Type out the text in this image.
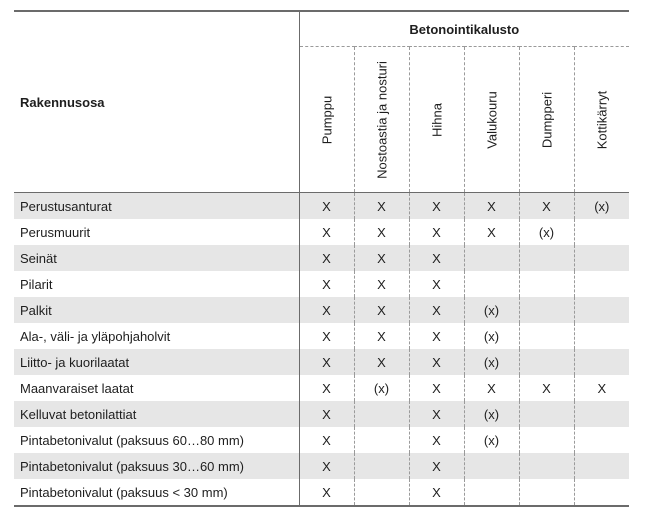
Rakennusosa	Betonointikalusto					

	Pumppu	Nostoastia ja nosturi	Hihna	Valukouru	Dumpperi	Kottikärryt

Perustusanturat	X	X	X	X	X	(x)
Perusmuurit	X	X	X	X	(x)	
Seinät	X	X	X			
Pilarit	X	X	X			
Palkit	X	X	X	(x)		
Ala-, väli- ja yläpohjaholvit	X	X	X	(x)		
Liitto- ja kuorilaatat	X	X	X	(x)		
Maanvaraiset laatat	X	(x)	X	X	X	X
Kelluvat betonilattiat	X		X	(x)		
Pintabetonivalut (paksuus 60…80 mm)	X		X	(x)		
Pintabetonivalut (paksuus 30…60 mm)	X		X			
Pintabetonivalut (paksuus < 30 mm)	X		X			
